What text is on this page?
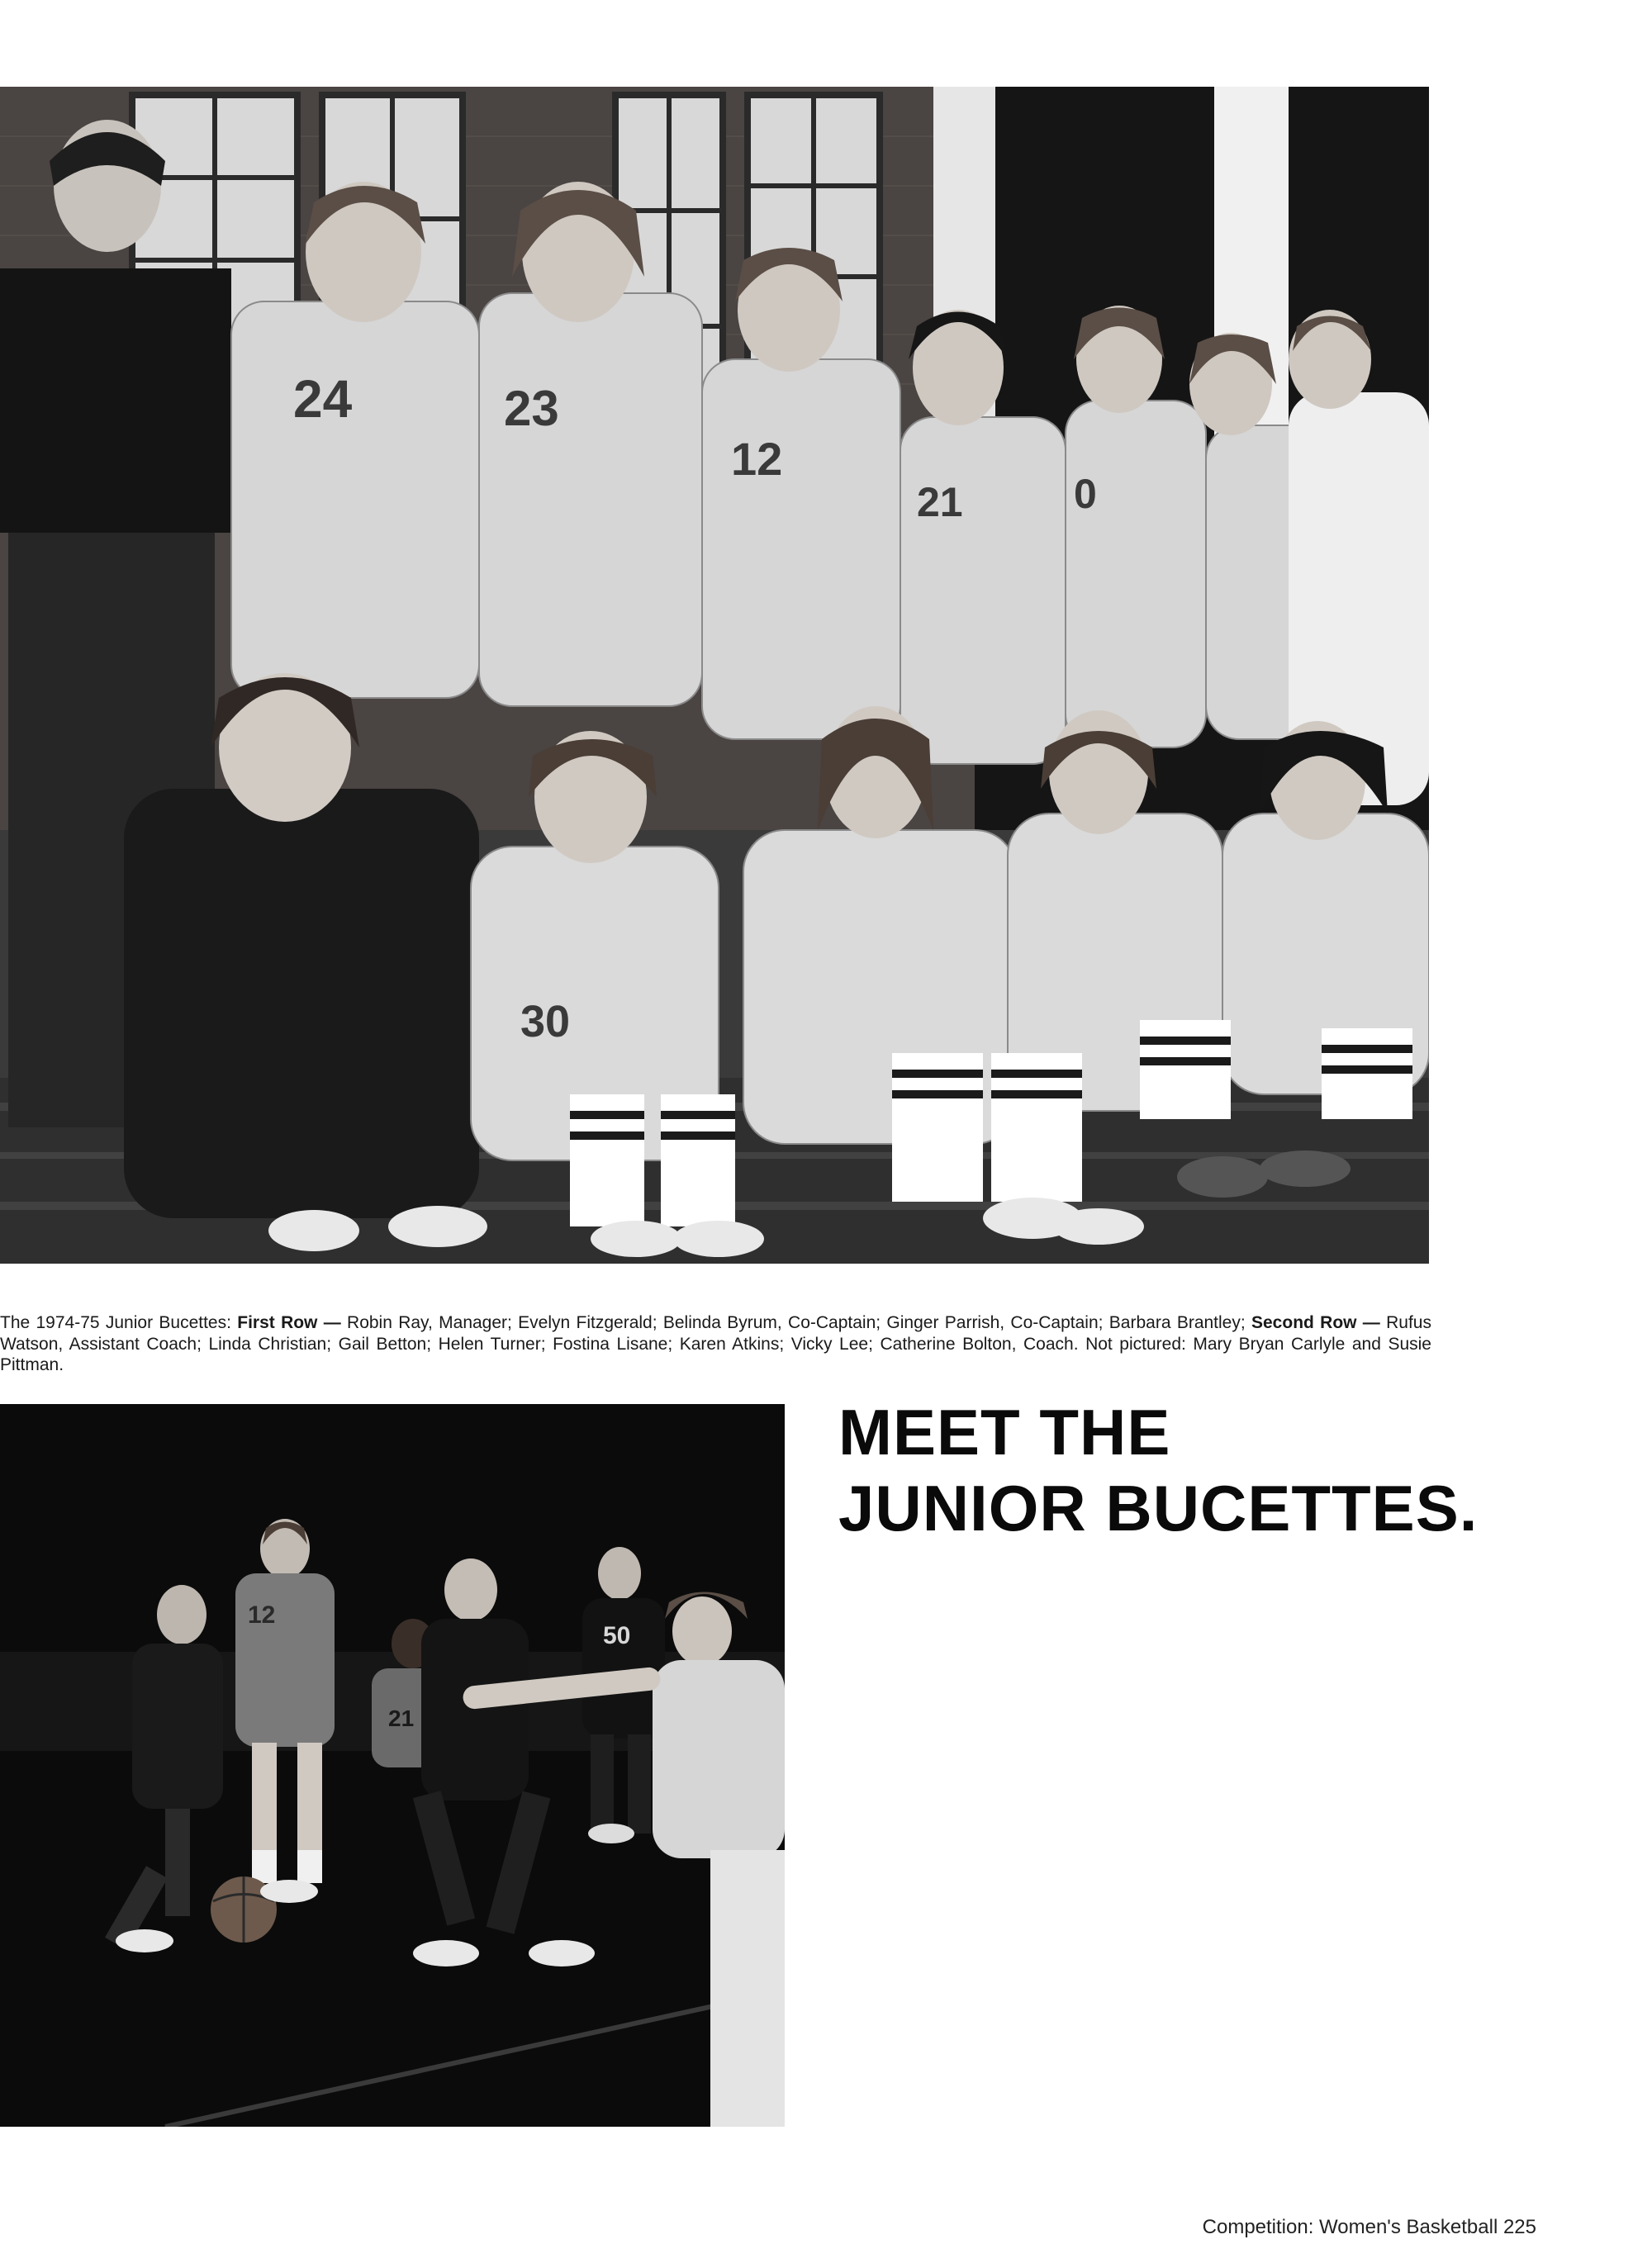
24	23
12
21	0
30

The 1974-75 Junior Bucettes: First Row — Robin Ray, Manager; Evelyn Fitzgerald; Belinda Byrum, Co-Captain; Ginger Parrish, Co-Captain; Barbara Brantley; Second Row — Rufus Watson, Assistant Coach; Linda Christian; Gail Betton; Helen Turner; Fostina Lisane; Karen Atkins; Vicky Lee; Catherine Bolton, Coach. Not pictured: Mary Bryan Carlyle and Susie Pittman.

12
21
50
MEET THE
JUNIOR BUCETTES.
Competition: Women's Basketball 225
